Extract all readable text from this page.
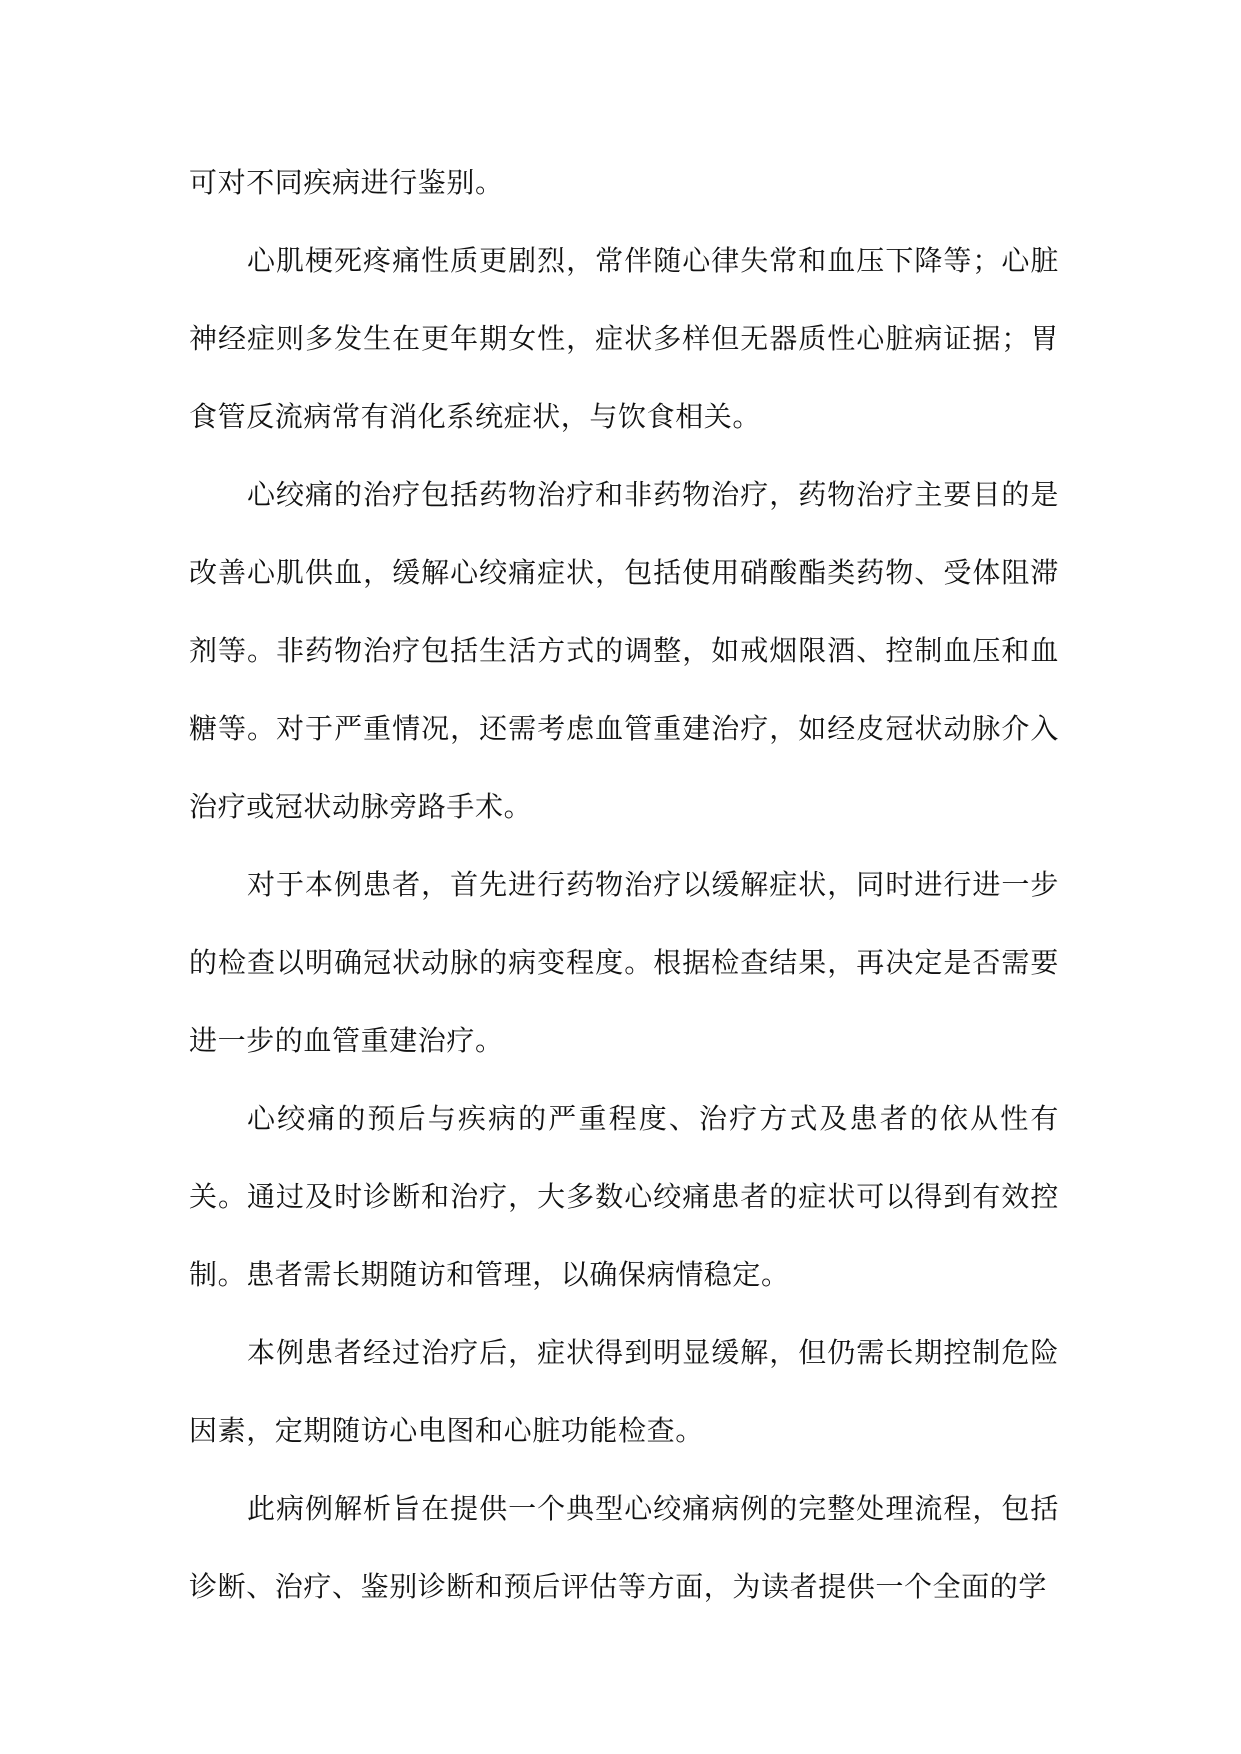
可对不同疾病进行鉴别。

心肌梗死疼痛性质更剧烈，常伴随心律失常和血压下降等；心脏神经症则多发生在更年期女性，症状多样但无器质性心脏病证据；胃食管反流病常有消化系统症状，与饮食相关。

心绞痛的治疗包括药物治疗和非药物治疗，药物治疗主要目的是改善心肌供血，缓解心绞痛症状，包括使用硝酸酯类药物、受体阻滞剂等。非药物治疗包括生活方式的调整，如戒烟限酒、控制血压和血糖等。对于严重情况，还需考虑血管重建治疗，如经皮冠状动脉介入治疗或冠状动脉旁路手术。

对于本例患者，首先进行药物治疗以缓解症状，同时进行进一步的检查以明确冠状动脉的病变程度。根据检查结果，再决定是否需要进一步的血管重建治疗。

心绞痛的预后与疾病的严重程度、治疗方式及患者的依从性有关。通过及时诊断和治疗，大多数心绞痛患者的症状可以得到有效控制。患者需长期随访和管理，以确保病情稳定。

本例患者经过治疗后，症状得到明显缓解，但仍需长期控制危险因素，定期随访心电图和心脏功能检查。

此病例解析旨在提供一个典型心绞痛病例的完整处理流程，包括诊断、治疗、鉴别诊断和预后评估等方面，为读者提供一个全面的学
